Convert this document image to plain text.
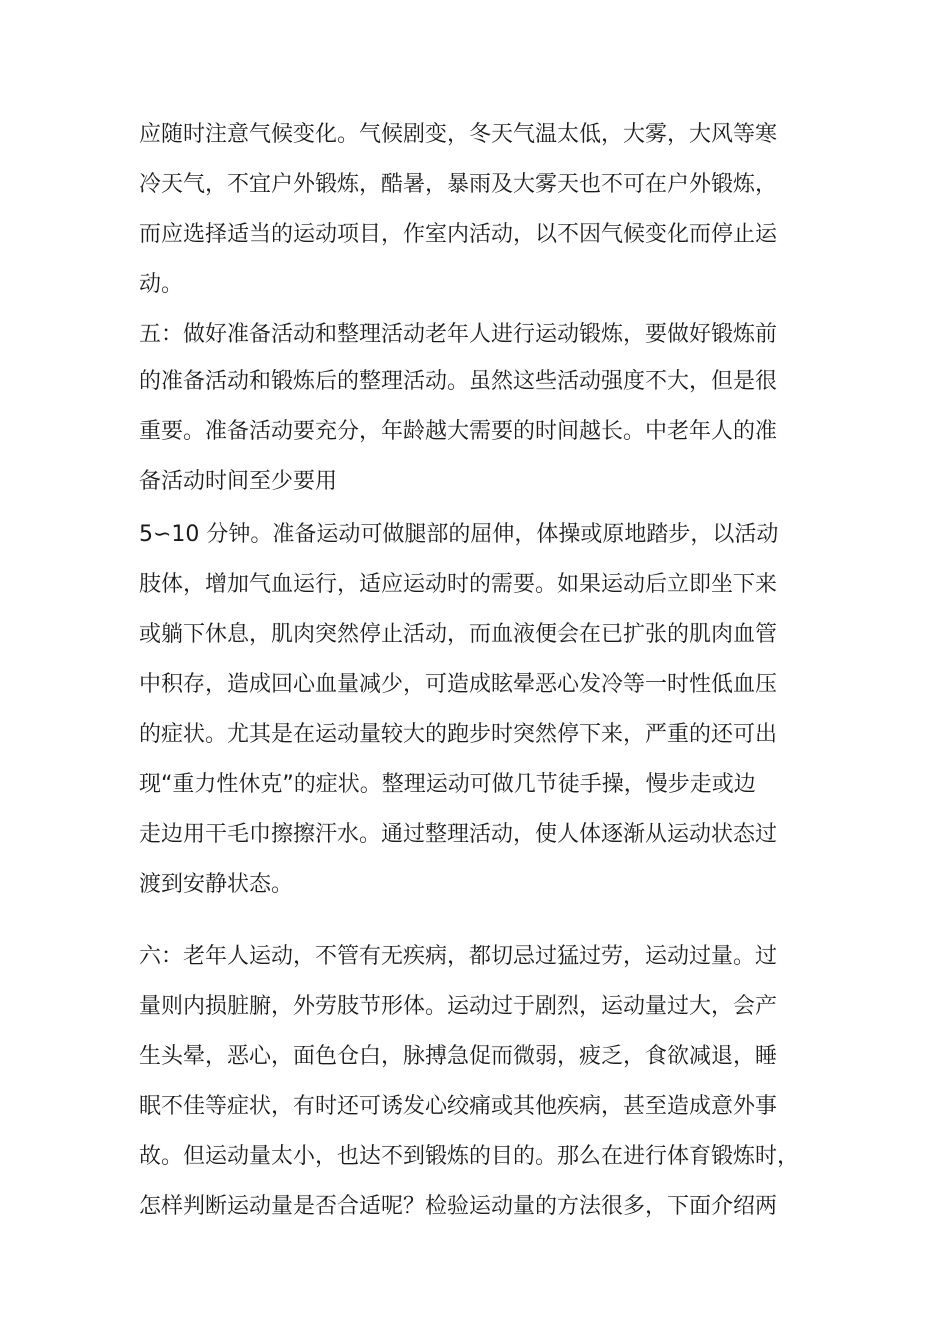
应随时注意气候变化。气候剧变，冬天气温太低，大雾，大风等寒
冷天气，不宜户外锻炼，酷暑，暴雨及大雾天也不可在户外锻炼，
而应选择适当的运动项目，作室内活动，以不因气候变化而停止运
动。
五：做好准备活动和整理活动老年人进行运动锻炼，要做好锻炼前
的准备活动和锻炼后的整理活动。虽然这些活动强度不大，但是很
重要。准备活动要充分，年龄越大需要的时间越长。中老年人的准
备活动时间至少要用
5∽10 分钟。准备运动可做腿部的屈伸，体操或原地踏步，以活动
肢体，增加气血运行，适应运动时的需要。如果运动后立即坐下来
或躺下休息，肌肉突然停止活动，而血液便会在已扩张的肌肉血管
中积存，造成回心血量减少，可造成眩晕恶心发冷等一时性低血压
的症状。尤其是在运动量较大的跑步时突然停下来，严重的还可出
现“重力性休克”的症状。整理运动可做几节徒手操，慢步走或边
走边用干毛巾擦擦汗水。通过整理活动，使人体逐渐从运动状态过
渡到安静状态。
六：老年人运动，不管有无疾病，都切忌过猛过劳，运动过量。过
量则内损脏腑，外劳肢节形体。运动过于剧烈，运动量过大，会产
生头晕，恶心，面色仓白，脉搏急促而微弱，疲乏，食欲减退，睡
眠不佳等症状，有时还可诱发心绞痛或其他疾病，甚至造成意外事
故。但运动量太小，也达不到锻炼的目的。那么在进行体育锻炼时，
怎样判断运动量是否合适呢？检验运动量的方法很多，下面介绍两
